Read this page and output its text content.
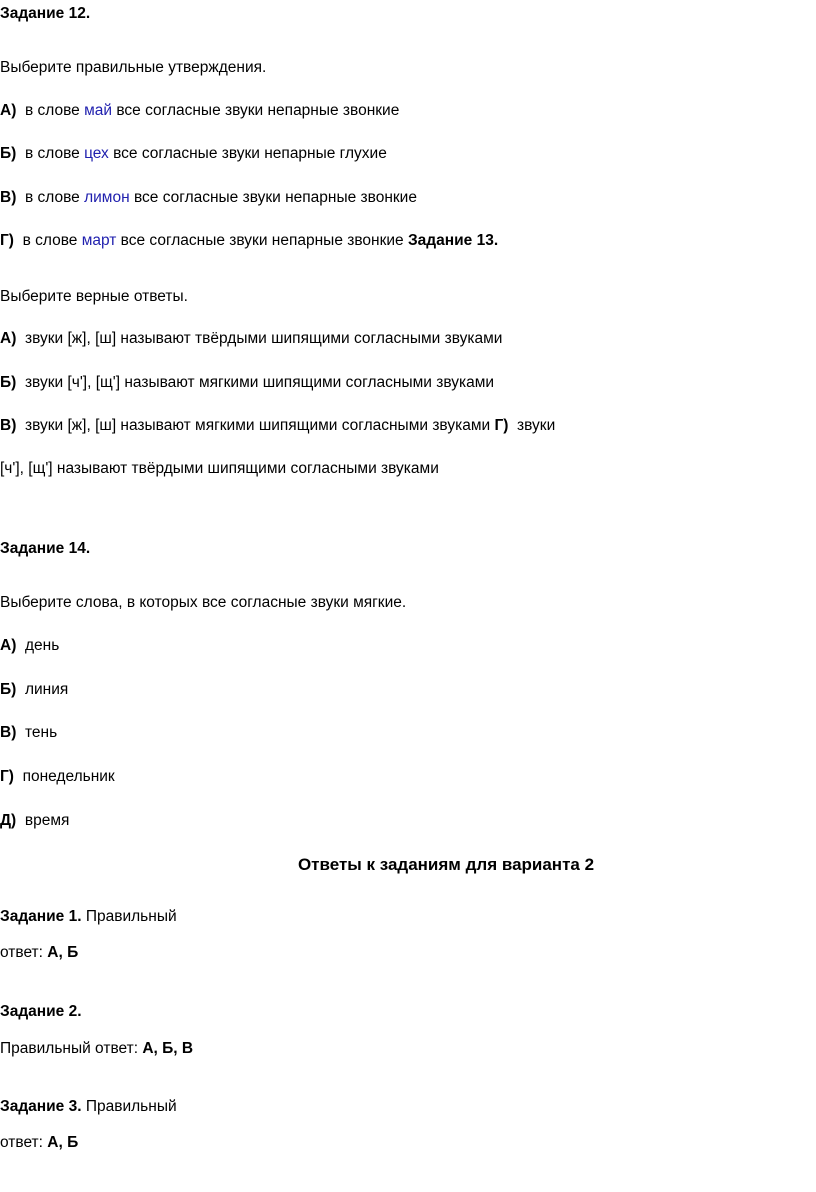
Задание 12.
Выберите правильные утверждения.
А) в слове май все согласные звуки непарные звонкие
Б) в слове цех все согласные звуки непарные глухие
В) в слове лимон все согласные звуки непарные звонкие
Г) в слове март все согласные звуки непарные звонкие Задание 13.
Выберите верные ответы.
А) звуки [ж], [ш] называют твёрдыми шипящими согласными звуками
Б) звуки [ч'], [щ'] называют мягкими шипящими согласными звуками
В) звуки [ж], [ш] называют мягкими шипящими согласными звуками Г) звуки
[ч'], [щ'] называют твёрдыми шипящими согласными звуками
Задание 14.
Выберите слова, в которых все согласные звуки мягкие.
А) день
Б) линия
В) тень
Г) понедельник
Д) время
Ответы к заданиям для варианта 2
Задание 1. Правильный
ответ: А, Б
Задание 2.
Правильный ответ: А, Б, В
Задание 3. Правильный
ответ: А, Б
